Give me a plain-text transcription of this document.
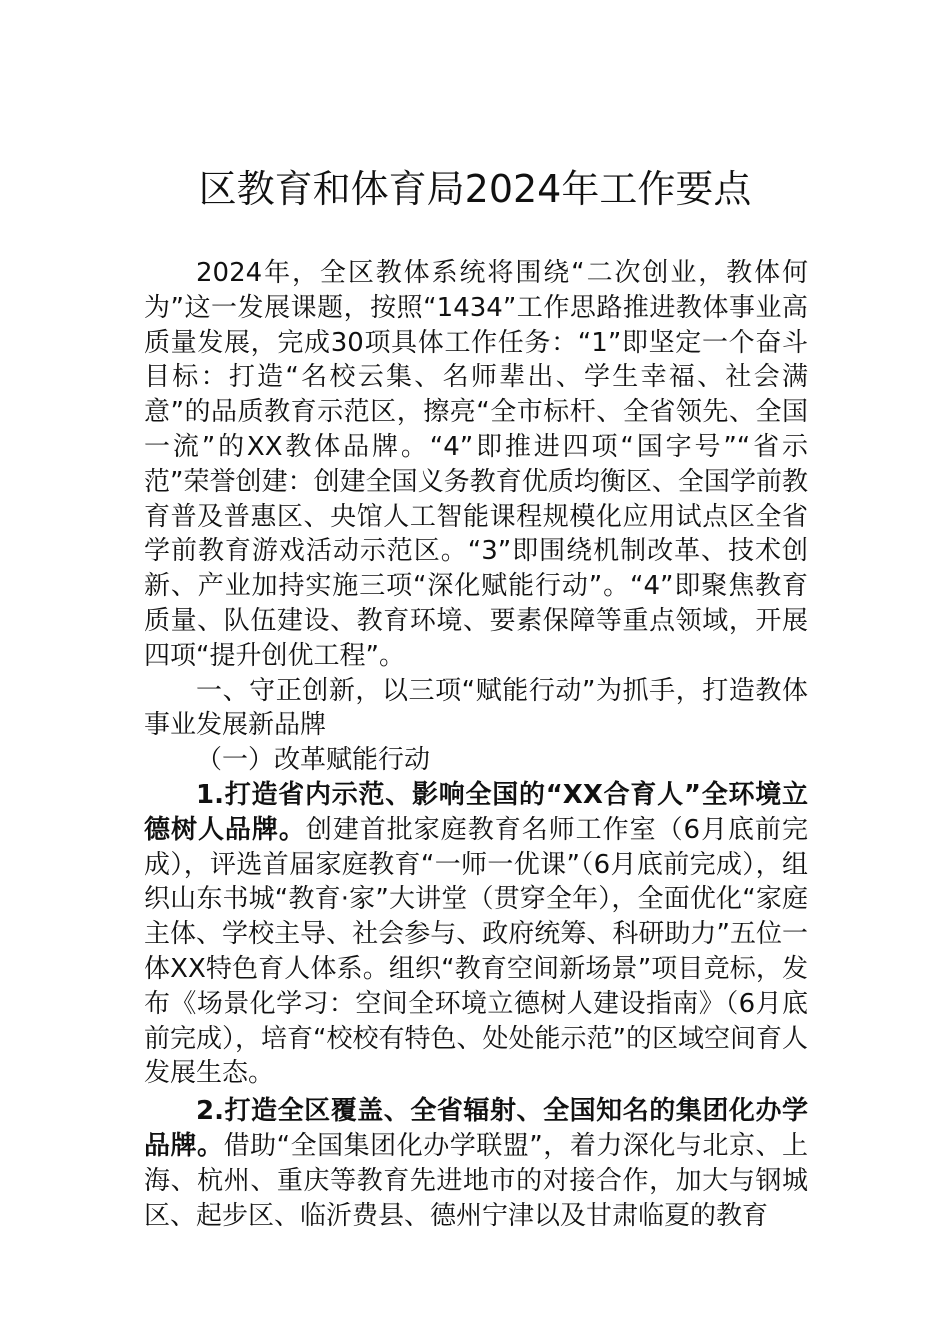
区教育和体育局2024年工作要点

2024年，全区教体系统将围绕“二次创业，教体何为”这一发展课题，按照“1434”工作思路推进教体事业高质量发展，完成30项具体工作任务：“1”即坚定一个奋斗目标：打造“名校云集、名师辈出、学生幸福、社会满意”的品质教育示范区，擦亮“全市标杆、全省领先、全国一流”的XX教体品牌。“4”即推进四项“国字号”“省示范”荣誉创建：创建全国义务教育优质均衡区、全国学前教育普及普惠区、央馆人工智能课程规模化应用试点区全省学前教育游戏活动示范区。“3”即围绕机制改革、技术创新、产业加持实施三项“深化赋能行动”。“4”即聚焦教育质量、队伍建设、教育环境、要素保障等重点领域，开展四项“提升创优工程”。

一、守正创新，以三项“赋能行动”为抓手，打造教体事业发展新品牌

（一）改革赋能行动

1.打造省内示范、影响全国的“XX合育人”全环境立德树人品牌。创建首批家庭教育名师工作室（6月底前完成），评选首届家庭教育“一师一优课”（6月底前完成），组织山东书城“教育·家”大讲堂（贯穿全年），全面优化“家庭主体、学校主导、社会参与、政府统筹、科研助力”五位一体XX特色育人体系。组织“教育空间新场景”项目竞标，发布《场景化学习：空间全环境立德树人建设指南》（6月底前完成），培育“校校有特色、处处能示范”的区域空间育人发展生态。

2.打造全区覆盖、全省辐射、全国知名的集团化办学品牌。借助“全国集团化办学联盟”，着力深化与北京、上海、杭州、重庆等教育先进地市的对接合作，加大与钢城区、起步区、临沂费县、德州宁津以及甘肃临夏的教育
